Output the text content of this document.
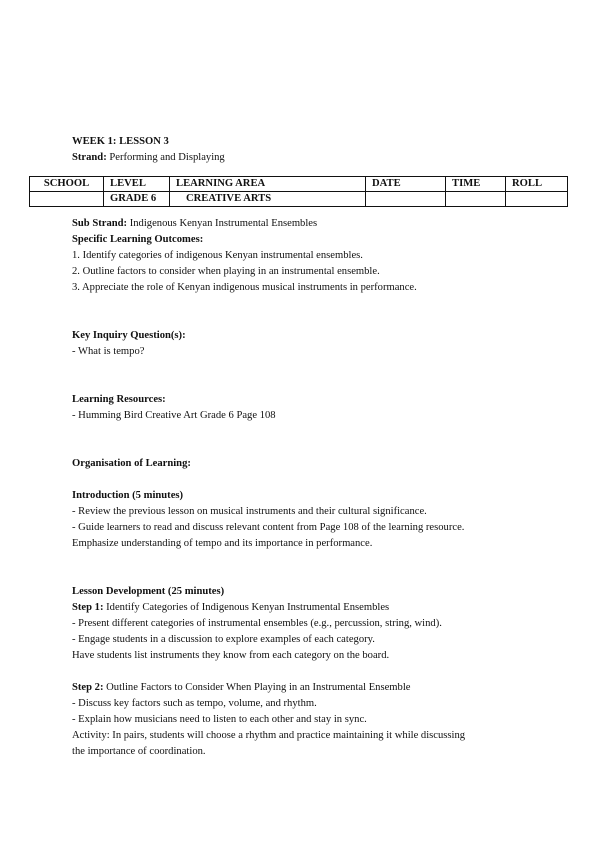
WEEK 1: LESSON 3
Strand: Performing and Displaying
SCHOOL	LEVEL	LEARNING AREA	DATE	TIME	ROLL
	GRADE 6	CREATIVE ARTS			
Sub Strand: Indigenous Kenyan Instrumental Ensembles
Specific Learning Outcomes:
1. Identify categories of indigenous Kenyan instrumental ensembles.
2. Outline factors to consider when playing in an instrumental ensemble.
3. Appreciate the role of Kenyan indigenous musical instruments in performance.
Key Inquiry Question(s):
- What is tempo?
Learning Resources:
- Humming Bird Creative Art Grade 6 Page 108
Organisation of Learning:
Introduction (5 minutes)
- Review the previous lesson on musical instruments and their cultural significance.
- Guide learners to read and discuss relevant content from Page 108 of the learning resource.
Emphasize understanding of tempo and its importance in performance.
Lesson Development (25 minutes)
Step 1: Identify Categories of Indigenous Kenyan Instrumental Ensembles
- Present different categories of instrumental ensembles (e.g., percussion, string, wind).
- Engage students in a discussion to explore examples of each category.
Have students list instruments they know from each category on the board.
Step 2: Outline Factors to Consider When Playing in an Instrumental Ensemble
- Discuss key factors such as tempo, volume, and rhythm.
- Explain how musicians need to listen to each other and stay in sync.
Activity: In pairs, students will choose a rhythm and practice maintaining it while discussing
the importance of coordination.
